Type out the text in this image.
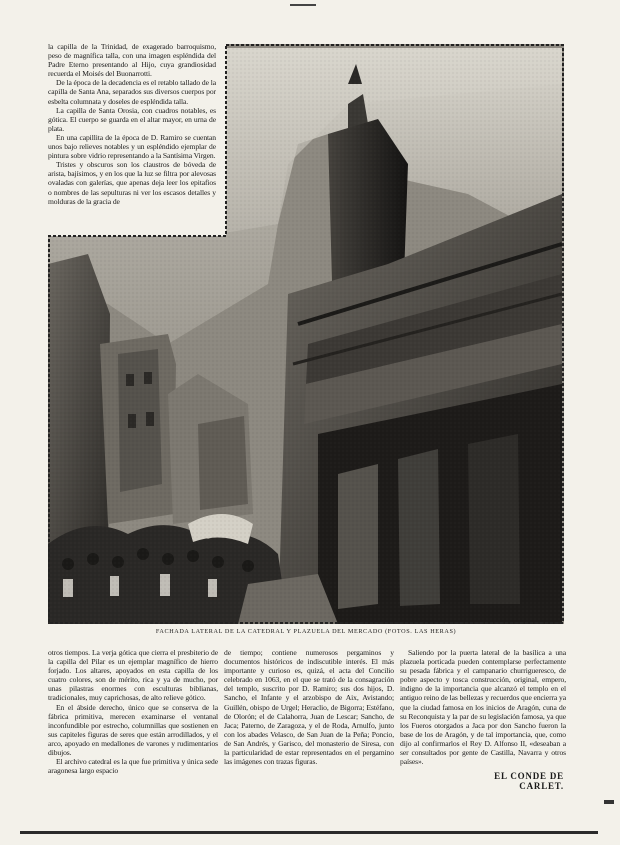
la capilla de la Trinidad, de exagerado barroquismo, peso de magnífica talla, con una imagen espléndida del Padre Eterno presentando al Hijo, cuya grandiosidad recuerda el Moisés del Buonarrotti.

De la época de la decadencia es el retablo tallado de la capilla de Santa Ana, separados sus diversos cuerpos por esbelta columnata y doseles de espléndida talla.

La capilla de Santa Orosia, con cuadros notables, es gótica. El cuerpo se guarda en el altar mayor, en urna de plata.

En una capillita de la época de D. Ramiro se cuentan unos bajo relieves notables y un espléndido ejemplar de pintura sobre vidrio representando a la Santísima Virgen.

Tristes y obscuros son los claustros de bóveda de arista, bajísimos, y en los que la luz se filtra por alevosas ovaladas con galerías, que apenas deja leer los epitafios o nombres de las sepulturas ni ver los escasos detalles y molduras de la gracia de

FACHADA LATERAL DE LA CATEDRAL Y PLAZUELA DEL MERCADO (FOTOS. LAS HERAS)

otros tiempos. La verja gótica que cierra el presbiterio de la capilla del Pilar es un ejemplar magnífico de hierro forjado. Los altares, apoyados en esta capilla de los cuatro colores, son de mérito, rica y ya de mucho, por unas pilastras enormes con esculturas biblianas, tradicionales, muy caprichosas, de alto relieve gótico.

En el ábside derecho, único que se conserva de la fábrica primitiva, merecen examinarse el ventanal inconfundible por estrecho, columnillas que sostienen en sus capiteles figuras de seres que están arrodillados, y el arco, apoyado en medallones de varones y rudimentarios dibujos.

El archivo catedral es la que fue primitiva y única sede aragonesa largo espacio

de tiempo; contiene numerosos pergaminos y documentos históricos de indiscutible interés. El más importante y curioso es, quizá, el acta del Concilio celebrado en 1063, en el que se trató de la consagración del templo, suscrito por D. Ramiro; sus dos hijos, D. Sancho, el Infante y el arzobispo de Aix, Avistando; Guillén, obispo de Urgel; Heraclio, de Bigorra; Estéfano, de Olorón; el de Calahorra, Juan de Lescar; Sancho, de Jaca; Paterno, de Zaragoza, y el de Roda, Arnulfo, junto con los abades Velasco, de San Juan de la Peña; Poncio, de San Andrés, y Garisco, del monasterio de Siresa, con la particularidad de estar representados en el pergamino las imágenes con trazas figuras.

Saliendo por la puerta lateral de la basílica a una plazuela porticada pueden contemplarse perfectamente su pesada fábrica y el campanario churrigueresco, de pobre aspecto y tosca construcción, original, empero, indigno de la importancia que alcanzó el templo en el antiguo reino de las bellezas y recuerdos que encierra ya que la ciudad famosa en los inicios de Aragón, cuna de su Reconquista y la par de su legislación famosa, ya que los Fueros otorgados a Jaca por don Sancho fueron la base de los de Aragón, y de tal importancia, que, como dijo al confirmarlos el Rey D. Alfonso II, «deseaban a ser consultados por gente de Castilla, Navarra y otros países».

EL CONDE DE CARLET.
